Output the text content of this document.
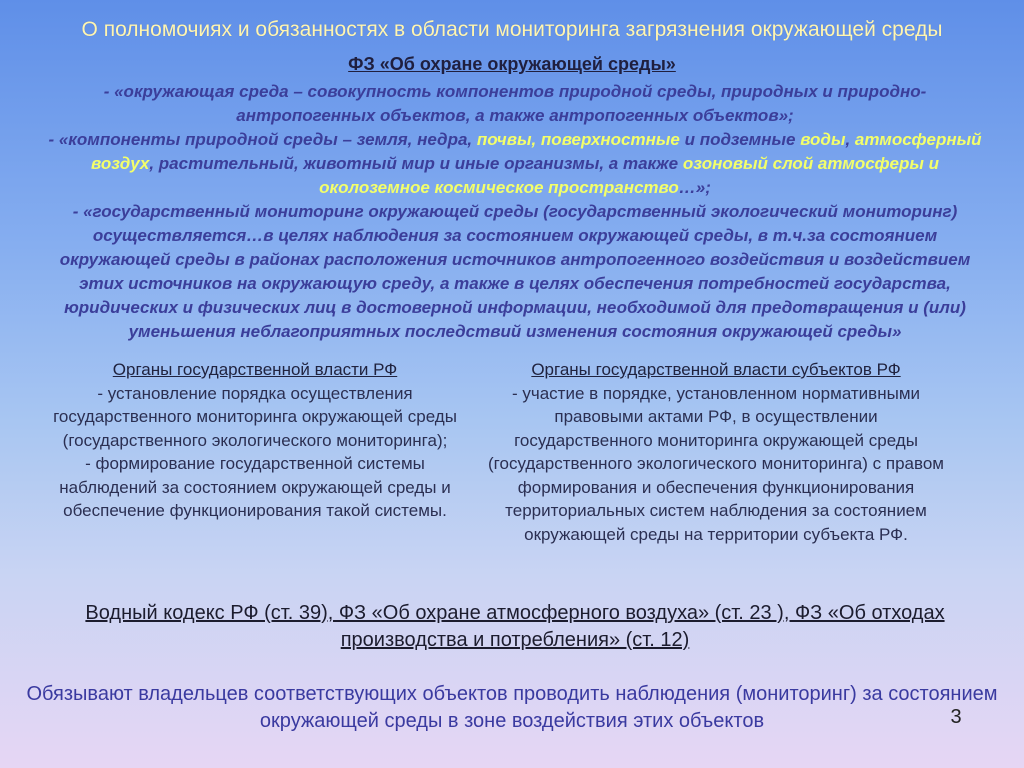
О полномочиях и обязанностях в области мониторинга загрязнения окружающей среды
ФЗ «Об охране окружающей среды»
- «окружающая среда – совокупность компонентов природной среды, природных и природно-антропогенных объектов, а также антропогенных объектов»;
- «компоненты природной среды – земля, недра, почвы, поверхностные и подземные воды, атмосферный воздух, растительный, животный мир и иные организмы, а также озоновый слой атмосферы и околоземное космическое пространство…»;
- «государственный мониторинг окружающей среды (государственный экологический мониторинг) осуществляется…в целях наблюдения за состоянием окружающей среды, в т.ч.за состоянием окружающей среды в районах расположения источников антропогенного воздействия и воздействием этих источников на окружающую среду, а также в целях обеспечения потребностей государства, юридических и физических лиц в достоверной информации, необходимой для предотвращения и (или) уменьшения неблагоприятных последствий изменения состояния окружающей среды»
Органы государственной власти РФ
- установление порядка осуществления государственного мониторинга окружающей среды (государственного экологического мониторинга);
- формирование государственной системы наблюдений за состоянием окружающей среды и обеспечение функционирования такой системы.
Органы государственной власти субъектов РФ
- участие в порядке, установленном нормативными правовыми актами РФ, в осуществлении государственного мониторинга окружающей среды (государственного экологического мониторинга) с правом формирования и обеспечения функционирования территориальных систем наблюдения за состоянием окружающей среды на территории субъекта РФ.
Водный кодекс РФ (ст. 39), ФЗ «Об охране атмосферного воздуха» (ст. 23 ), ФЗ «Об отходах производства и потребления» (ст. 12)
Обязывают владельцев соответствующих объектов проводить наблюдения (мониторинг) за состоянием окружающей среды в зоне воздействия этих объектов	3
